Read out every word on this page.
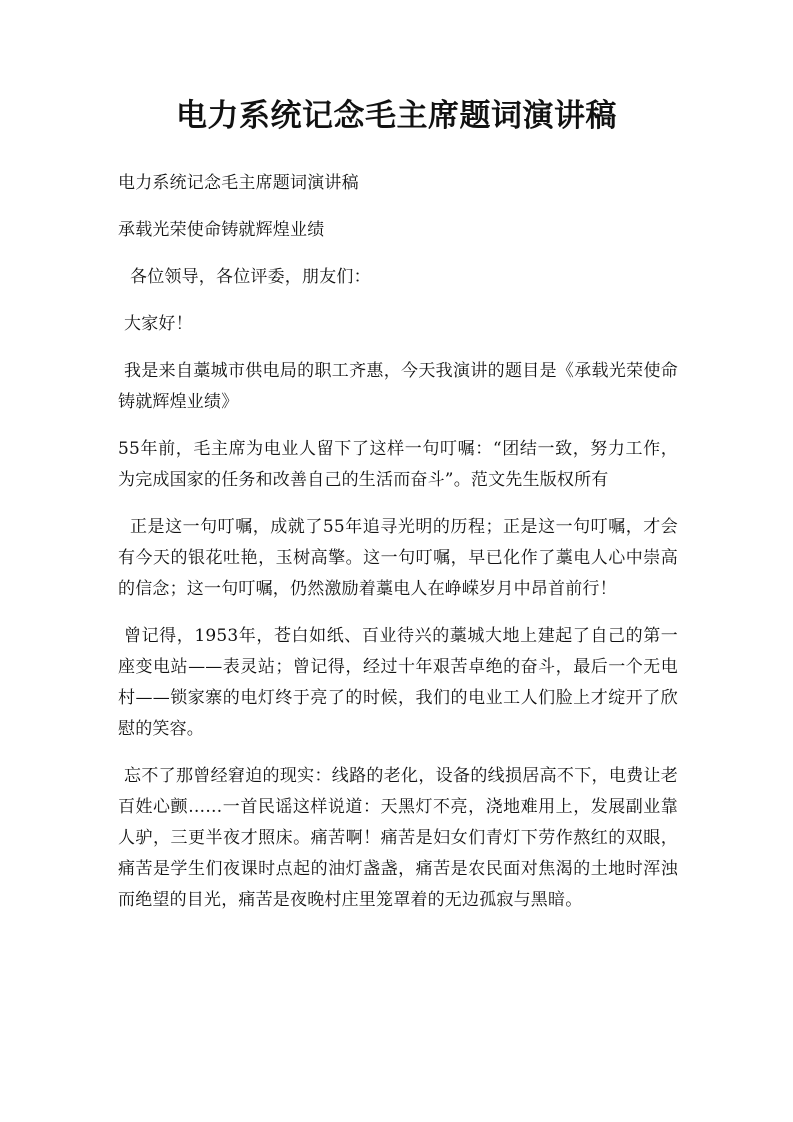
电力系统记念毛主席题词演讲稿

电力系统记念毛主席题词演讲稿

承载光荣使命铸就辉煌业绩

各位领导，各位评委，朋友们：

大家好！

我是来自藁城市供电局的职工齐惠，今天我演讲的题目是《承载光荣使命铸就辉煌业绩》

55年前，毛主席为电业人留下了这样一句叮嘱：“团结一致，努力工作，为完成国家的任务和改善自己的生活而奋斗”。范文先生版权所有

正是这一句叮嘱，成就了55年追寻光明的历程；正是这一句叮嘱，才会有今天的银花吐艳，玉树高擎。这一句叮嘱，早已化作了藁电人心中崇高的信念；这一句叮嘱，仍然激励着藁电人在峥嵘岁月中昂首前行！

曾记得，1953年，苍白如纸、百业待兴的藁城大地上建起了自己的第一座变电站——表灵站；曾记得，经过十年艰苦卓绝的奋斗，最后一个无电村——锁家寨的电灯终于亮了的时候，我们的电业工人们脸上才绽开了欣慰的笑容。

忘不了那曾经窘迫的现实：线路的老化，设备的线损居高不下，电费让老百姓心颤……一首民谣这样说道：天黑灯不亮，浇地难用上，发展副业靠人驴，三更半夜才照床。痛苦啊！痛苦是妇女们青灯下劳作熬红的双眼，痛苦是学生们夜课时点起的油灯盏盏，痛苦是农民面对焦渴的土地时浑浊而绝望的目光，痛苦是夜晚村庄里笼罩着的无边孤寂与黑暗。
